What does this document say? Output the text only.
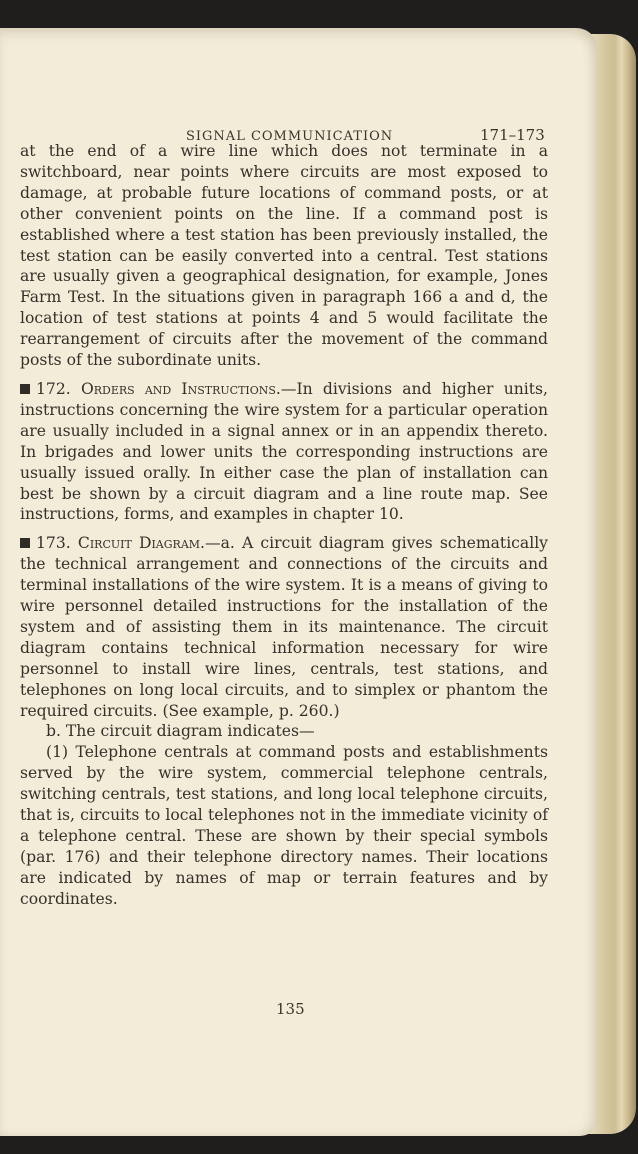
SIGNAL COMMUNICATION	171–173

at the end of a wire line which does not terminate in a switchboard, near points where circuits are most exposed to damage, at probable future locations of command posts, or at other convenient points on the line. If a command post is established where a test station has been previously installed, the test station can be easily converted into a central. Test stations are usually given a geographical designation, for example, Jones Farm Test. In the situations given in paragraph 166 a and d, the location of test stations at points 4 and 5 would facilitate the rearrangement of circuits after the movement of the command posts of the subordinate units.

172. Orders and Instructions.—In divisions and higher units, instructions concerning the wire system for a particular operation are usually included in a signal annex or in an appendix thereto. In brigades and lower units the corresponding instructions are usually issued orally. In either case the plan of installation can best be shown by a circuit diagram and a line route map. See instructions, forms, and examples in chapter 10.

173. Circuit Diagram.—a. A circuit diagram gives schematically the technical arrangement and connections of the circuits and terminal installations of the wire system. It is a means of giving to wire personnel detailed instructions for the installation of the system and of assisting them in its maintenance. The circuit diagram contains technical information necessary for wire personnel to install wire lines, centrals, test stations, and telephones on long local circuits, and to simplex or phantom the required circuits. (See example, p. 260.)

b. The circuit diagram indicates—

(1) Telephone centrals at command posts and establishments served by the wire system, commercial telephone centrals, switching centrals, test stations, and long local telephone circuits, that is, circuits to local telephones not in the immediate vicinity of a telephone central. These are shown by their special symbols (par. 176) and their telephone directory names. Their locations are indicated by names of map or terrain features and by coordinates.

135
